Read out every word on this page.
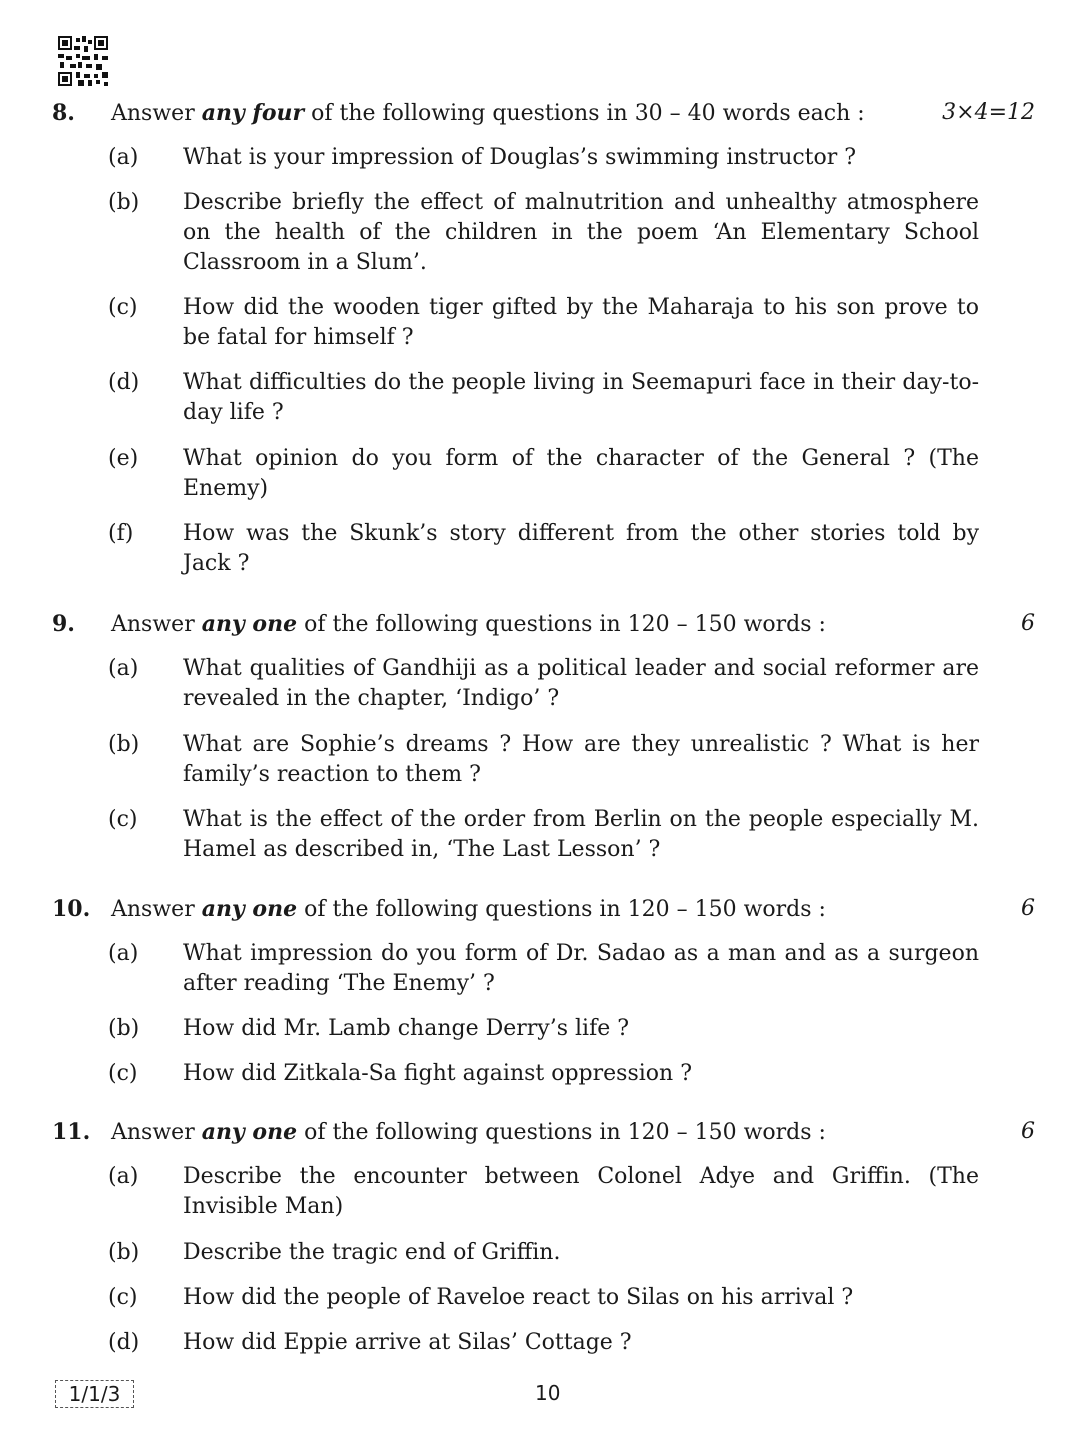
8. Answer any four of the following questions in 30 – 40 words each :	3×4=12
(a) What is your impression of Douglas’s swimming instructor ?
(b) Describe briefly the effect of malnutrition and unhealthy atmosphere on the health of the children in the poem ‘An Elementary School Classroom in a Slum’.
(c) How did the wooden tiger gifted by the Maharaja to his son prove to be fatal for himself ?
(d) What difficulties do the people living in Seemapuri face in their day-to-day life ?
(e) What opinion do you form of the character of the General ? (The Enemy)
(f) How was the Skunk’s story different from the other stories told by Jack ?
9. Answer any one of the following questions in 120 – 150 words :	6
(a) What qualities of Gandhiji as a political leader and social reformer are revealed in the chapter, ‘Indigo’ ?
(b) What are Sophie’s dreams ? How are they unrealistic ? What is her family’s reaction to them ?
(c) What is the effect of the order from Berlin on the people especially M. Hamel as described in, ‘The Last Lesson’ ?
10. Answer any one of the following questions in 120 – 150 words :	6
(a) What impression do you form of Dr. Sadao as a man and as a surgeon after reading ‘The Enemy’ ?
(b) How did Mr. Lamb change Derry’s life ?
(c) How did Zitkala-Sa fight against oppression ?
11. Answer any one of the following questions in 120 – 150 words :	6
(a) Describe the encounter between Colonel Adye and Griffin. (The Invisible Man)
(b) Describe the tragic end of Griffin.
(c) How did the people of Raveloe react to Silas on his arrival ?
(d) How did Eppie arrive at Silas’ Cottage ?
1/1/3	10
